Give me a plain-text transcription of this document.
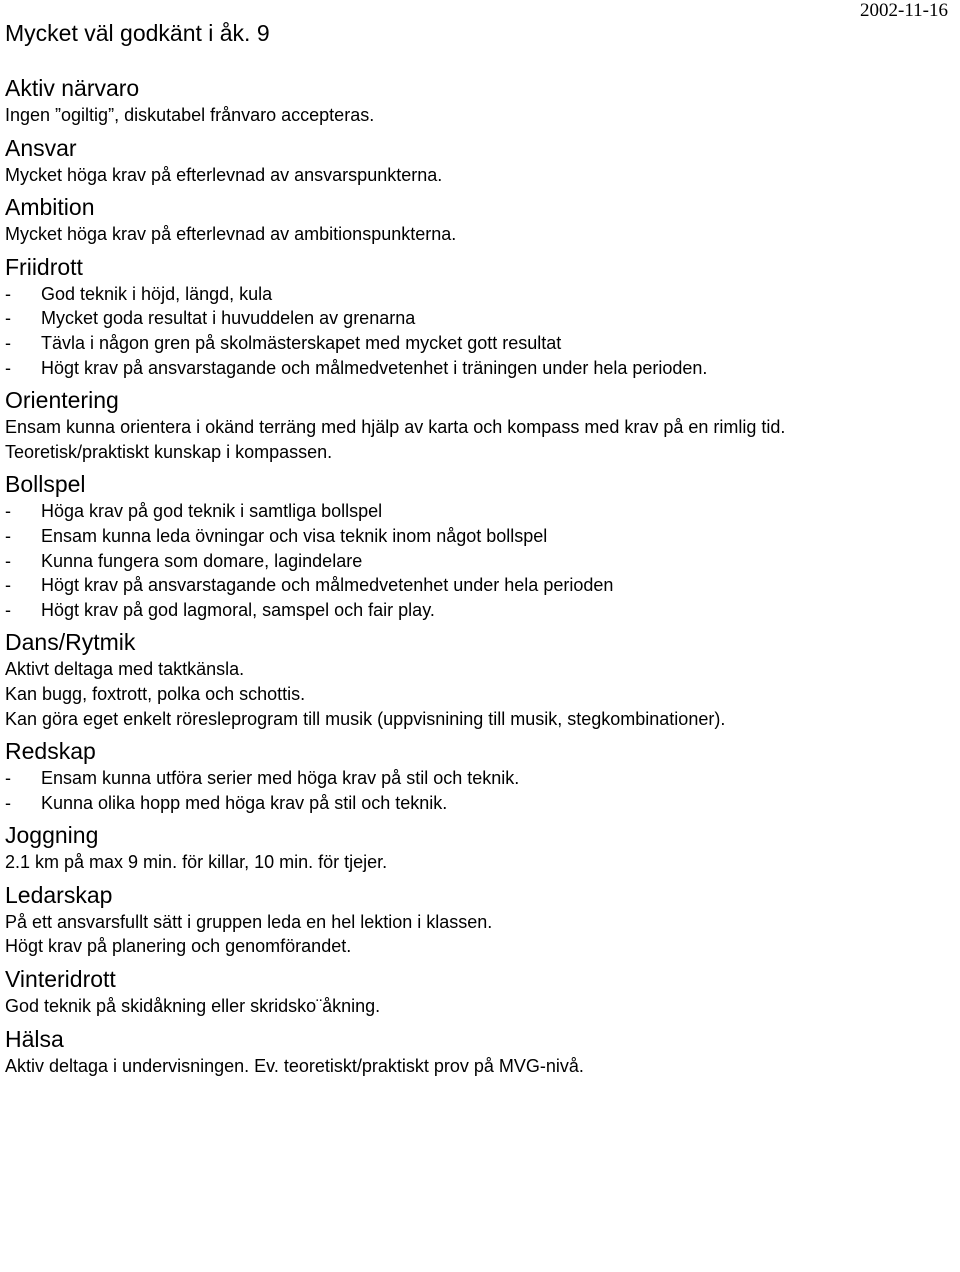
Mycket väl godkänt i åk. 9
2002-11-16
Aktiv närvaro
Ingen ”ogiltig”, diskutabel frånvaro accepteras.
Ansvar
Mycket höga krav på efterlevnad av ansvarspunkterna.
Ambition
Mycket höga krav på efterlevnad av ambitionspunkterna.
Friidrott
-	God teknik i höjd, längd, kula
-	Mycket goda resultat i huvuddelen av grenarna
-	Tävla i någon gren på skolmästerskapet med mycket gott resultat
-	Högt krav på ansvarstagande och målmedvetenhet i träningen under hela perioden.
Orientering
Ensam kunna orientera i okänd terräng med hjälp av karta och kompass med krav på en rimlig tid.
Teoretisk/praktiskt kunskap i kompassen.
Bollspel
-	Höga krav på god teknik i samtliga bollspel
-	Ensam kunna leda övningar och visa teknik inom något bollspel
-	Kunna fungera som domare, lagindelare
-	Högt krav på ansvarstagande och målmedvetenhet under hela perioden
-	Högt krav på god lagmoral, samspel och fair play.
Dans/Rytmik
Aktivt deltaga med taktkänsla.
Kan bugg, foxtrott, polka och schottis.
Kan göra eget enkelt röresleprogram till musik (uppvisnining till musik, stegkombinationer).
Redskap
-	Ensam kunna utföra serier med höga krav på stil och teknik.
-	Kunna olika hopp med höga krav på stil och teknik.
Joggning
2.1 km på max 9 min. för killar, 10 min. för tjejer.
Ledarskap
På ett ansvarsfullt sätt i gruppen leda en hel lektion i klassen.
Högt krav på planering och genomförandet.
Vinteridrott
God teknik på skidåkning eller skridsko¨åkning.
Hälsa
Aktiv deltaga i undervisningen. Ev. teoretiskt/praktiskt prov på MVG-nivå.
